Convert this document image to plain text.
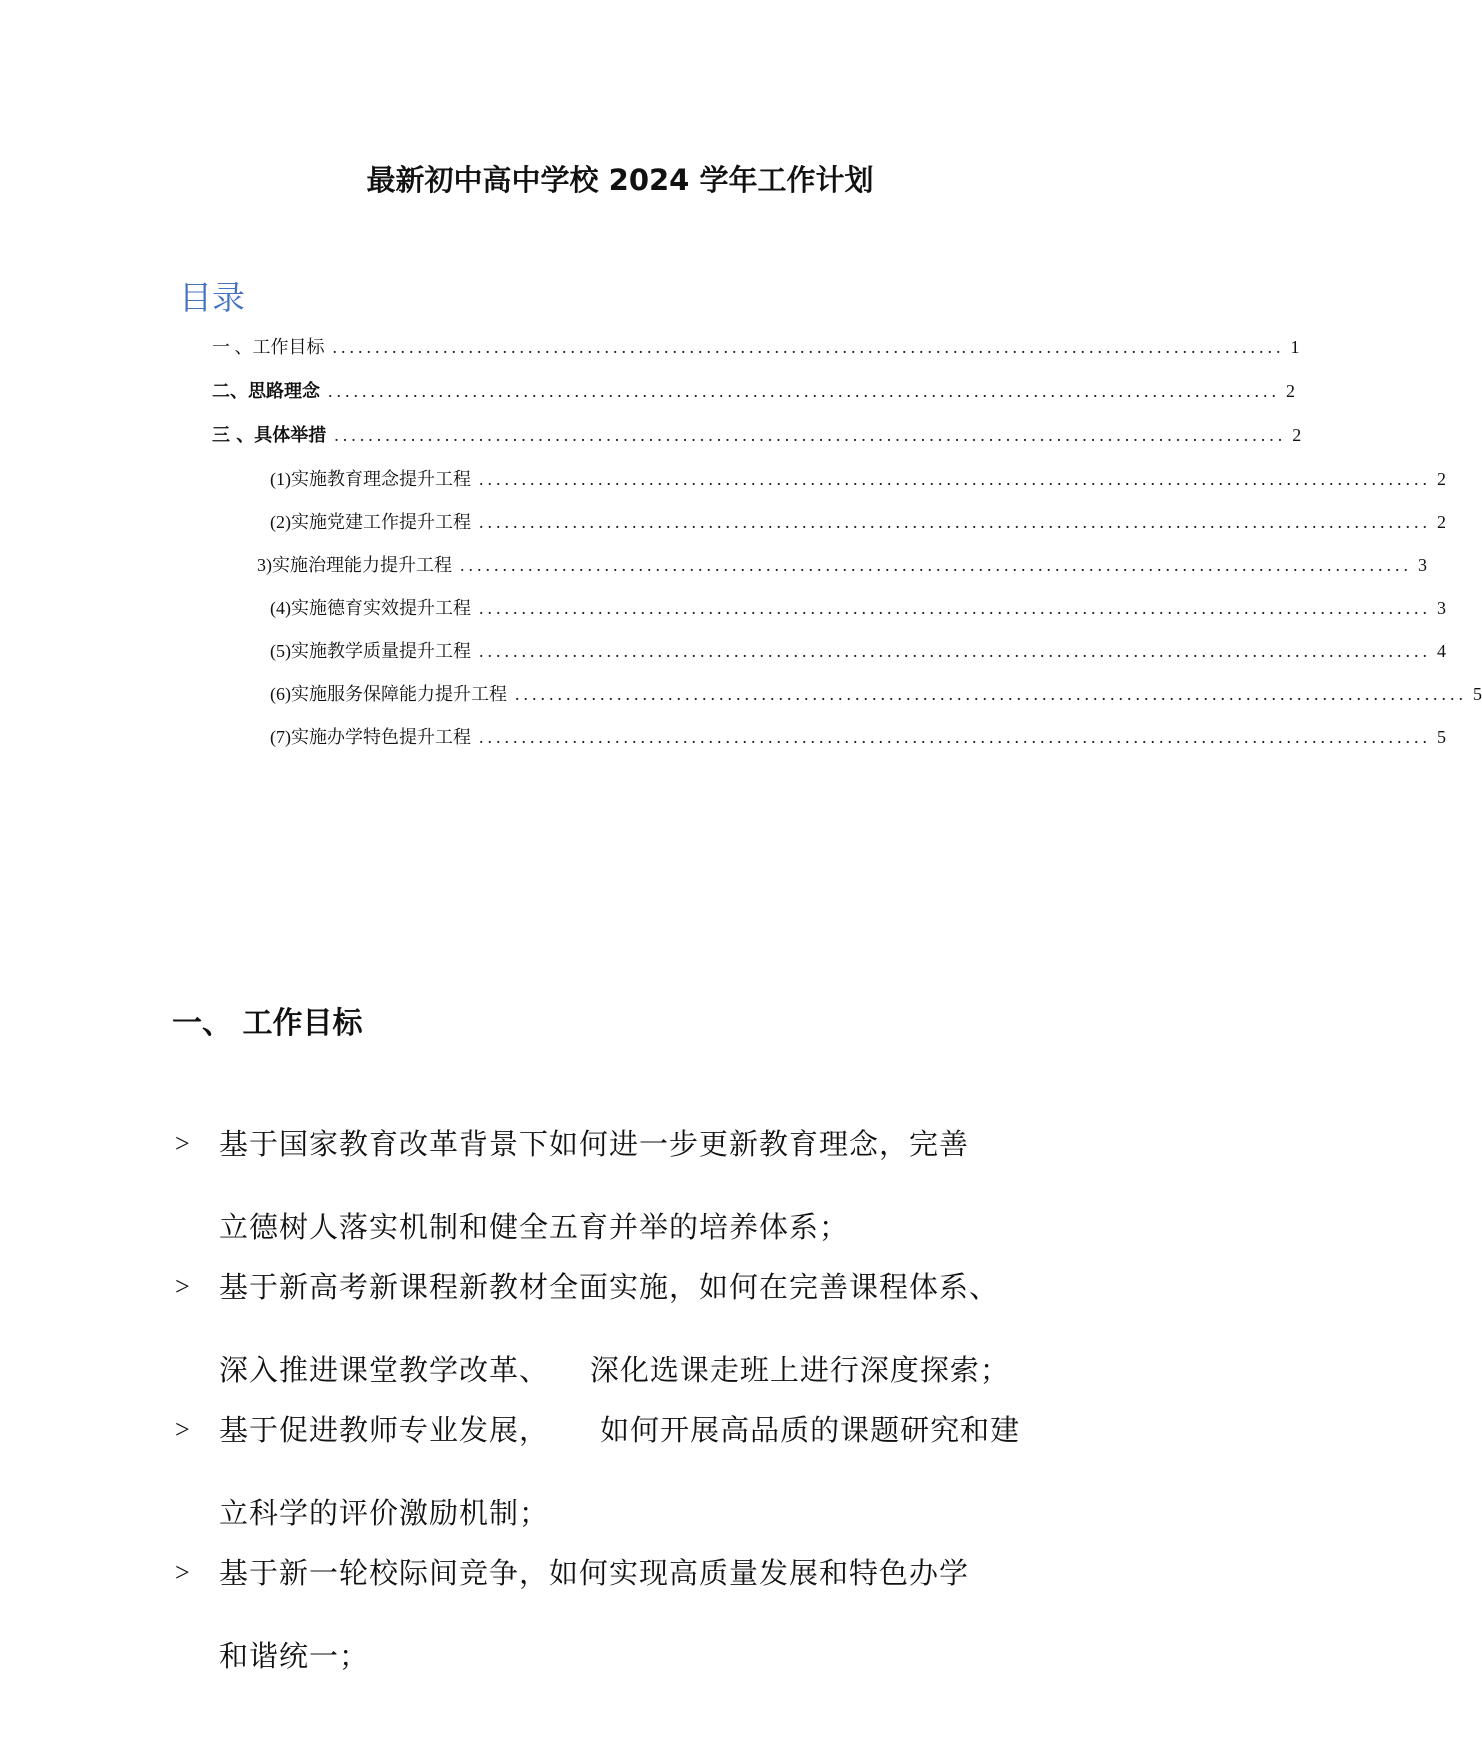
最新初中高中学校 2024 学年工作计划
目录
一 、 工作目标 ................................................................................................................ 1
二、 思路理念 ................................................................................................................ 2
三 、 具体举措 ................................................................................................................ 2
(1) 实施教育理念提升工程 ................................................................................................................ 2
(2) 实施党建工作提升工程 ................................................................................................................ 2
3) 实施治理能力提升工程 ................................................................................................................ 3
(4) 实施德育实效提升工程 ................................................................................................................ 3
(5) 实施教学质量提升工程 ................................................................................................................ 4
(6) 实施服务保障能力提升工程 ................................................................................................................ 5
(7) 实施办学特色提升工程 ................................................................................................................ 5
一、 工作目标
> 基于国家教育改革背景下如何进一步更新教育理念，完善
立德树人落实机制和健全五育并举的培养体系；
> 基于新高考新课程新教材全面实施，如何在完善课程体系、
深入推进课堂教学改革、    深化选课走班上进行深度探索；
> 基于促进教师专业发展，     如何开展高品质的课题研究和建
立科学的评价激励机制；
> 基于新一轮校际间竞争，如何实现高质量发展和特色办学
和谐统一；
